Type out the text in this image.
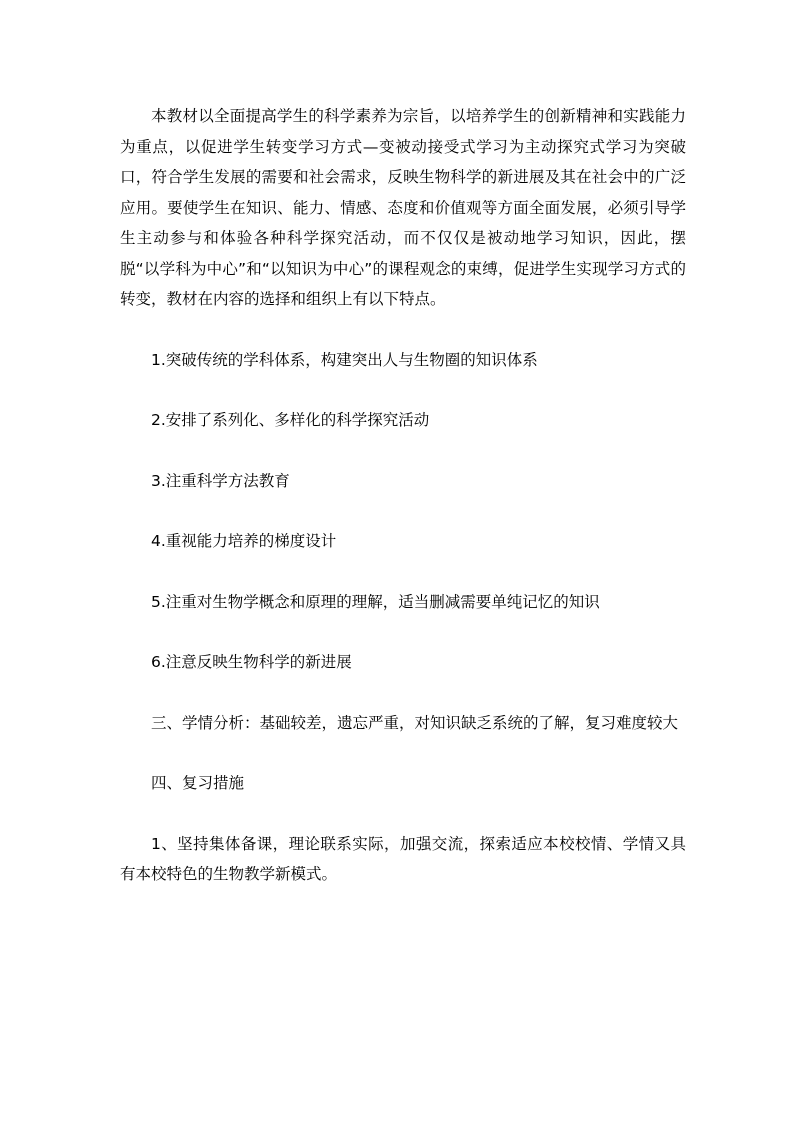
本教材以全面提高学生的科学素养为宗旨，以培养学生的创新精神和实践能力为重点，以促进学生转变学习方式—变被动接受式学习为主动探究式学习为突破口，符合学生发展的需要和社会需求，反映生物科学的新进展及其在社会中的广泛应用。要使学生在知识、能力、情感、态度和价值观等方面全面发展，必须引导学生主动参与和体验各种科学探究活动，而不仅仅是被动地学习知识，因此，摆脱“以学科为中心”和“以知识为中心”的课程观念的束缚，促进学生实现学习方式的转变，教材在内容的选择和组织上有以下特点。

1.突破传统的学科体系，构建突出人与生物圈的知识体系

2.安排了系列化、多样化的科学探究活动

3.注重科学方法教育

4.重视能力培养的梯度设计

5.注重对生物学概念和原理的理解，适当删减需要单纯记忆的知识

6.注意反映生物科学的新进展

三、学情分析：基础较差，遗忘严重，对知识缺乏系统的了解，复习难度较大

四、复习措施

1、坚持集体备课，理论联系实际，加强交流，探索适应本校校情、学情又具有本校特色的生物教学新模式。
